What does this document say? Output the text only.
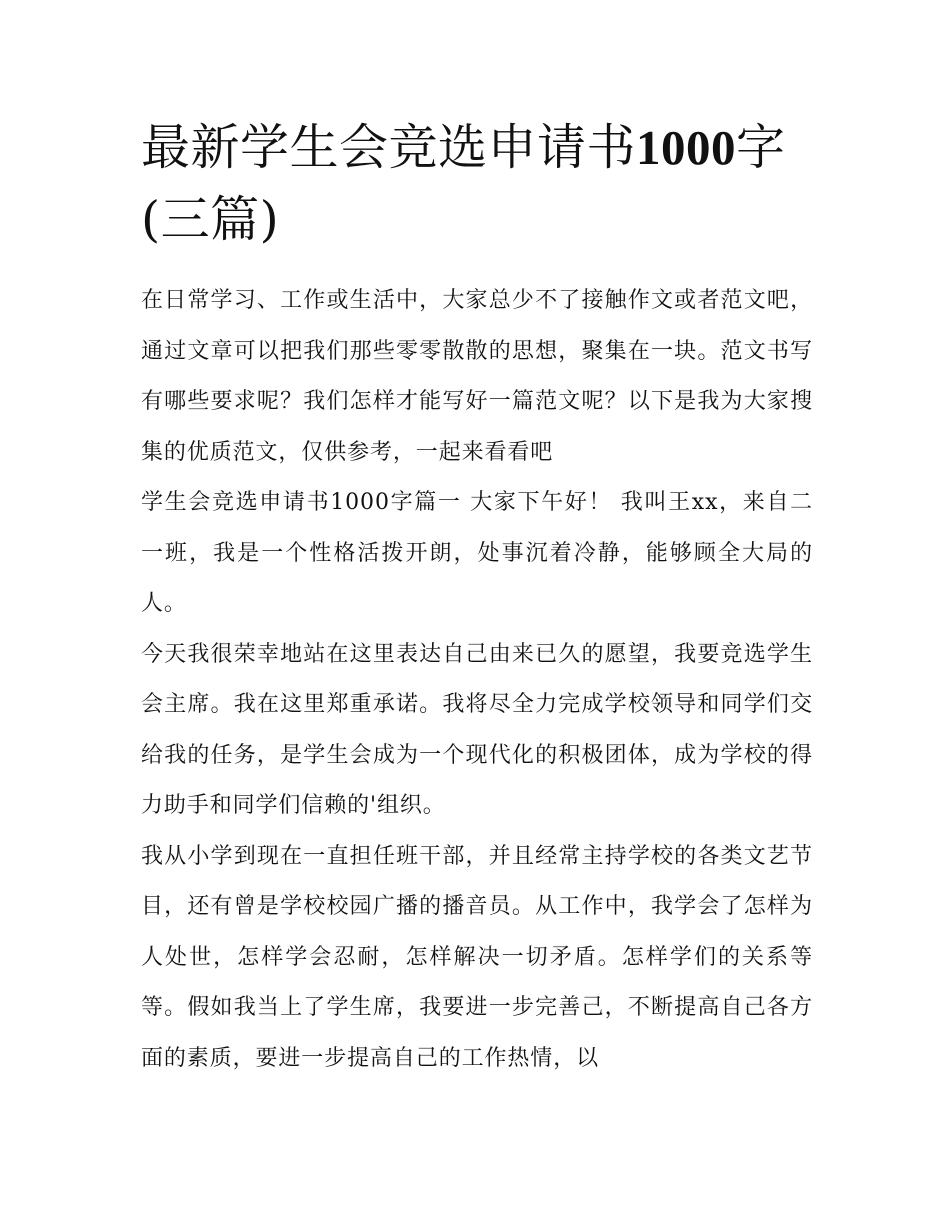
最新学生会竞选申请书1000字(三篇)

在日常学习、工作或生活中，大家总少不了接触作文或者范文吧，通过文章可以把我们那些零零散散的思想，聚集在一块。范文书写有哪些要求呢？我们怎样才能写好一篇范文呢？以下是我为大家搜集的优质范文，仅供参考，一起来看看吧

学生会竞选申请书1000字篇一 大家下午好！ 我叫王xx，来自二一班，我是一个性格活拨开朗，处事沉着冷静，能够顾全大局的人。

今天我很荣幸地站在这里表达自己由来已久的愿望，我要竞选学生会主席。我在这里郑重承诺。我将尽全力完成学校领导和同学们交给我的任务，是学生会成为一个现代化的积极团体，成为学校的得力助手和同学们信赖的'组织。

我从小学到现在一直担任班干部，并且经常主持学校的各类文艺节目，还有曾是学校校园广播的播音员。从工作中，我学会了怎样为人处世，怎样学会忍耐，怎样解决一切矛盾。怎样学们的关系等等。假如我当上了学生席，我要进一步完善己，不断提高自己各方面的素质，要进一步提高自己的工作热情，以
